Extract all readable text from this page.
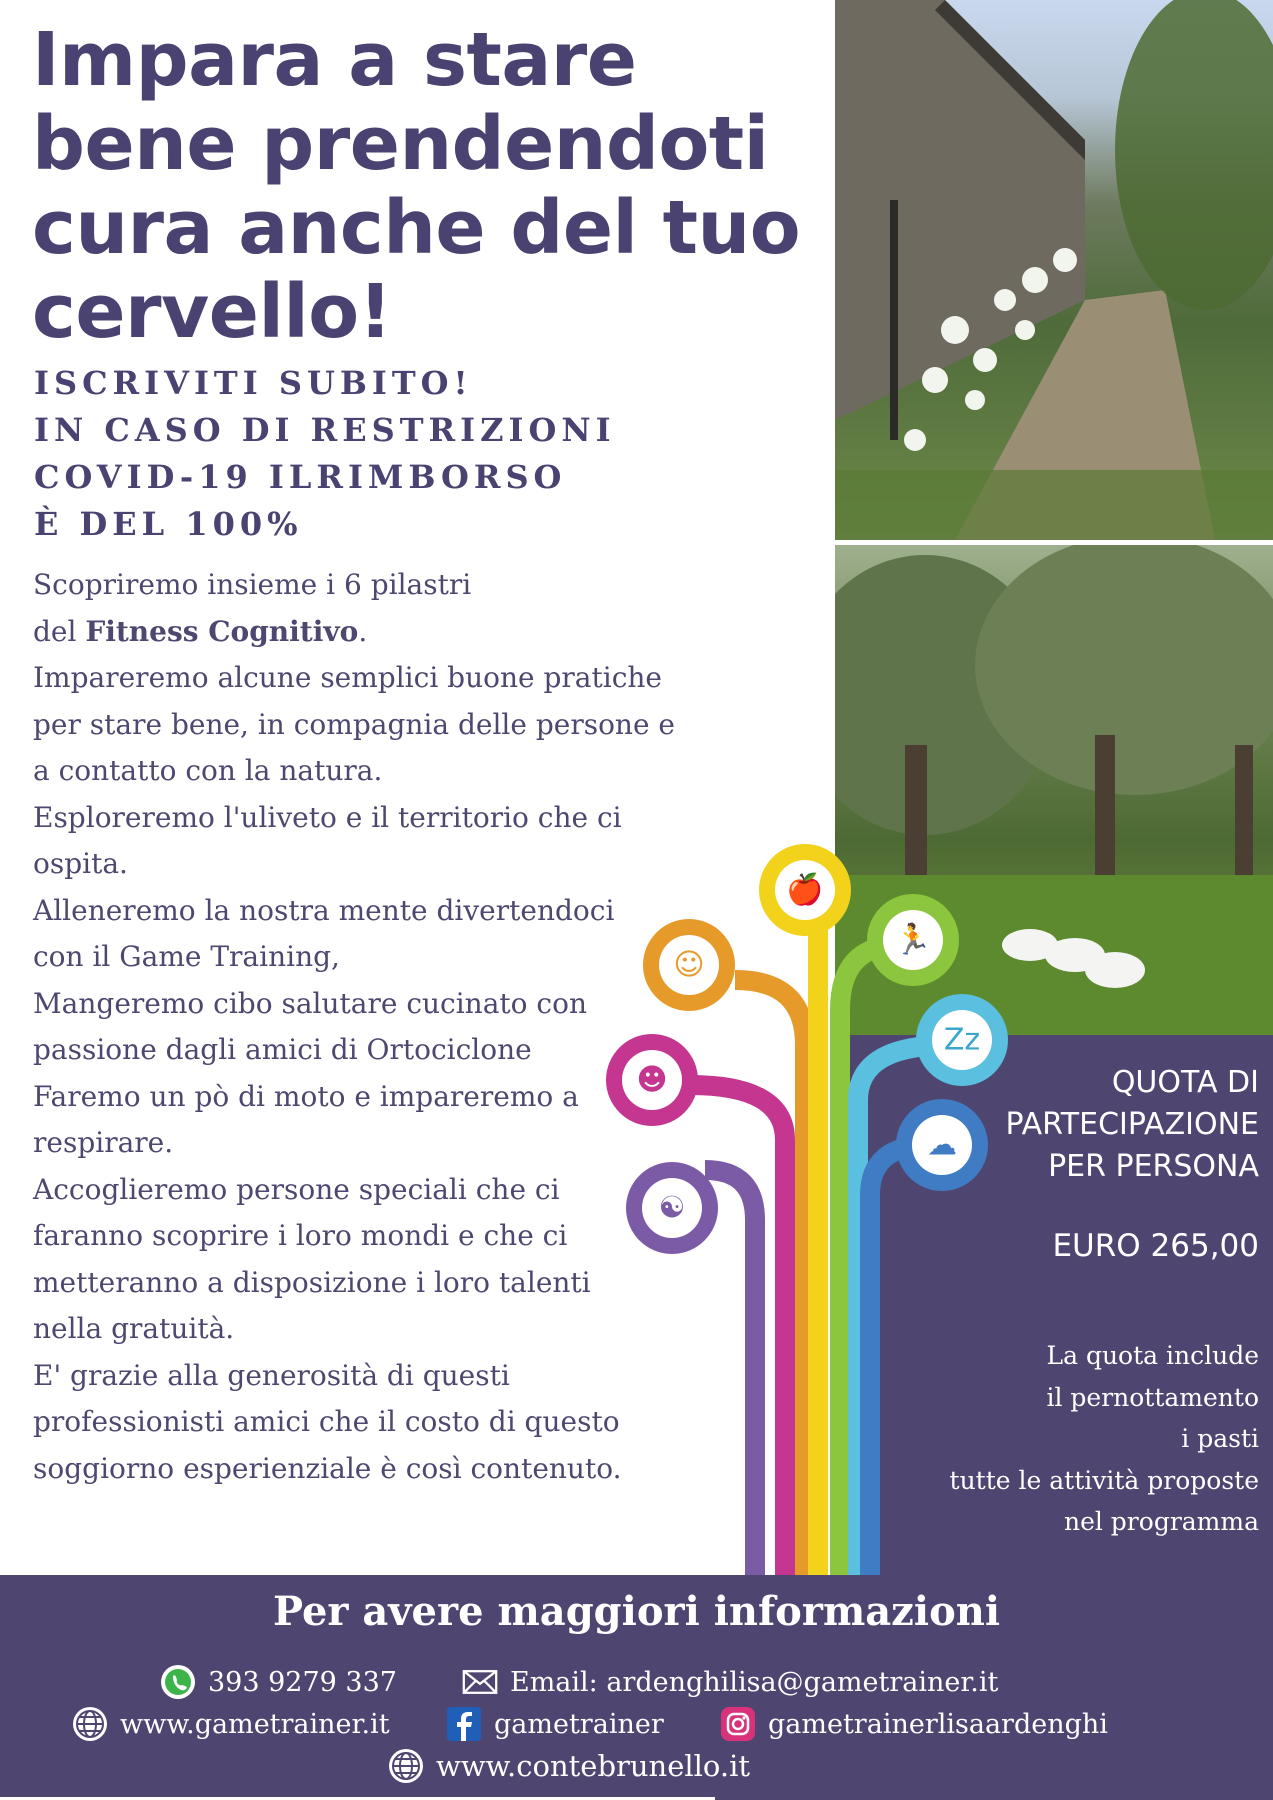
🍎
☺
🏃
Zz
☻
☁
☯
Impara a stare
bene prendendoti
cura anche del tuo
cervello!
ISCRIVITI SUBITO!
IN CASO DI RESTRIZIONI
COVID-19 ILRIMBORSO
È DEL 100%
Scopriremo insieme i 6 pilastri
del Fitness Cognitivo.
Impareremo alcune semplici buone pratiche
per stare bene, in compagnia delle persone e
a contatto con la natura.
Esploreremo l'uliveto e il territorio che ci
ospita.
Alleneremo la nostra mente divertendoci
con il Game Training,
Mangeremo cibo salutare cucinato con
passione dagli amici di Ortociclone
Faremo un pò di moto e impareremo a
respirare.
Accoglieremo persone speciali che ci
faranno scoprire i loro mondi e che ci
metteranno a disposizione i loro talenti
nella gratuità.
E' grazie alla generosità di questi
professionisti amici che il costo di questo
soggiorno esperienziale è così contenuto.
QUOTA DI
PARTECIPAZIONE
PER PERSONA
EURO 265,00
La quota include
il pernottamento
i pasti
tutte le attività proposte
nel programma
Per avere maggiori informazioni
393 9279 337	Email: ardenghilisa@gametrainer.it
www.gametrainer.it	gametrainer	gametrainerlisaardenghi
www.contebrunello.it
